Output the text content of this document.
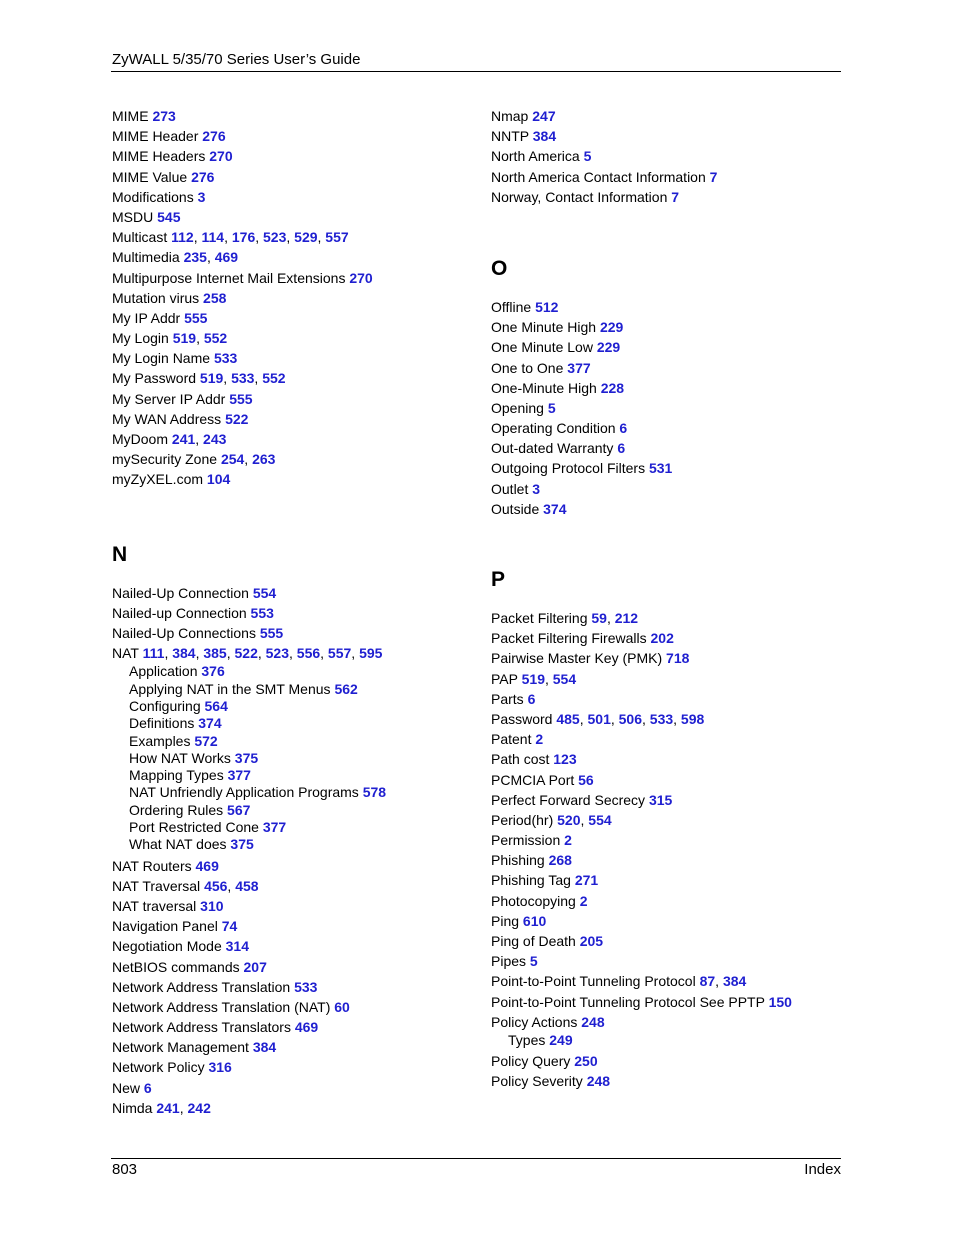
ZyWALL 5/35/70 Series User’s Guide
MIME 273
MIME Header 276
MIME Headers 270
MIME Value 276
Modifications 3
MSDU 545
Multicast 112, 114, 176, 523, 529, 557
Multimedia 235, 469
Multipurpose Internet Mail Extensions 270
Mutation virus 258
My IP Addr 555
My Login 519, 552
My Login Name 533
My Password 519, 533, 552
My Server IP Addr 555
My WAN Address 522
MyDoom 241, 243
mySecurity Zone 254, 263
myZyXEL.com 104
N
Nailed-Up Connection 554
Nailed-up Connection 553
Nailed-Up Connections 555
NAT 111, 384, 385, 522, 523, 556, 557, 595
Application 376
Applying NAT in the SMT Menus 562
Configuring 564
Definitions 374
Examples 572
How NAT Works 375
Mapping Types 377
NAT Unfriendly Application Programs 578
Ordering Rules 567
Port Restricted Cone 377
What NAT does 375
NAT Routers 469
NAT Traversal 456, 458
NAT traversal 310
Navigation Panel 74
Negotiation Mode 314
NetBIOS commands 207
Network Address Translation 533
Network Address Translation (NAT) 60
Network Address Translators 469
Network Management 384
Network Policy 316
New 6
Nimda 241, 242
Nmap 247
NNTP 384
North America 5
North America Contact Information 7
Norway, Contact Information 7
O
Offline 512
One Minute High 229
One Minute Low 229
One to One 377
One-Minute High 228
Opening 5
Operating Condition 6
Out-dated Warranty 6
Outgoing Protocol Filters 531
Outlet 3
Outside 374
P
Packet Filtering 59, 212
Packet Filtering Firewalls 202
Pairwise Master Key (PMK) 718
PAP 519, 554
Parts 6
Password 485, 501, 506, 533, 598
Patent 2
Path cost 123
PCMCIA Port 56
Perfect Forward Secrecy 315
Period(hr) 520, 554
Permission 2
Phishing 268
Phishing Tag 271
Photocopying 2
Ping 610
Ping of Death 205
Pipes 5
Point-to-Point Tunneling Protocol 87, 384
Point-to-Point Tunneling Protocol See PPTP 150
Policy Actions 248
Types 249
Policy Query 250
Policy Severity 248
803	Index
